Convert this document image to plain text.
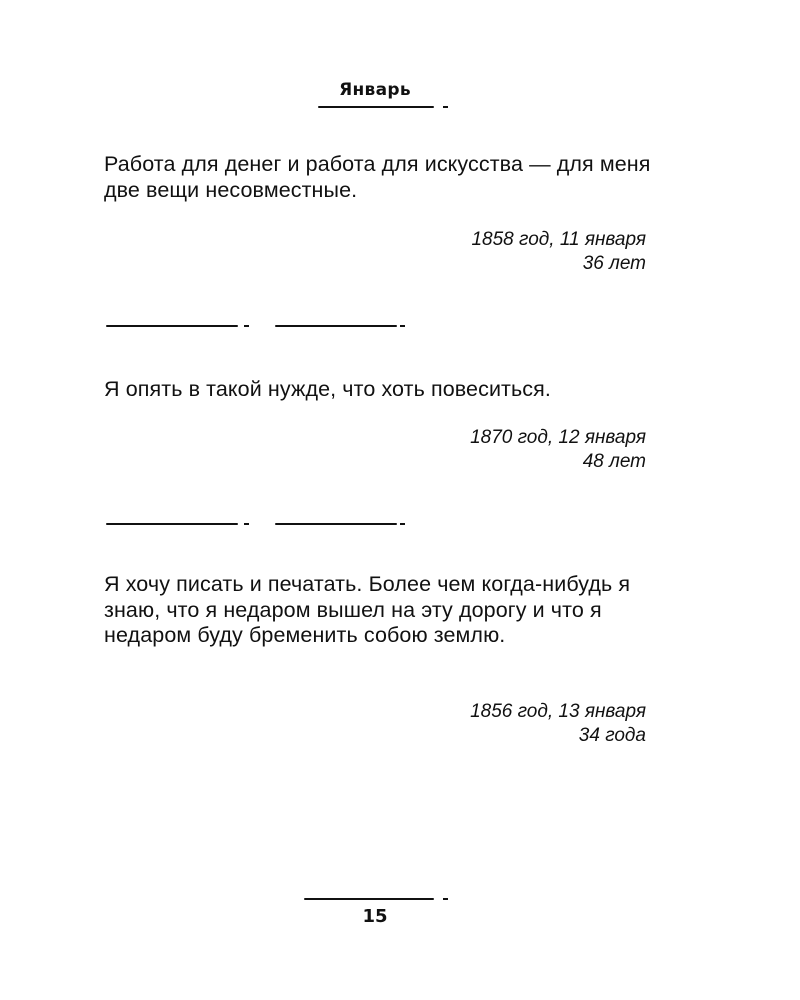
Январь
Работа для денег и работа для искусства — для меня две вещи несовместные.
1858 год, 11 января
36 лет
Я опять в такой нужде, что хоть повеситься.
1870 год, 12 января
48 лет
Я хочу писать и печатать. Более чем когда-нибудь я знаю, что я недаром вышел на эту дорогу и что я недаром буду бременить собою землю.
1856 год, 13 января
34 года
15
